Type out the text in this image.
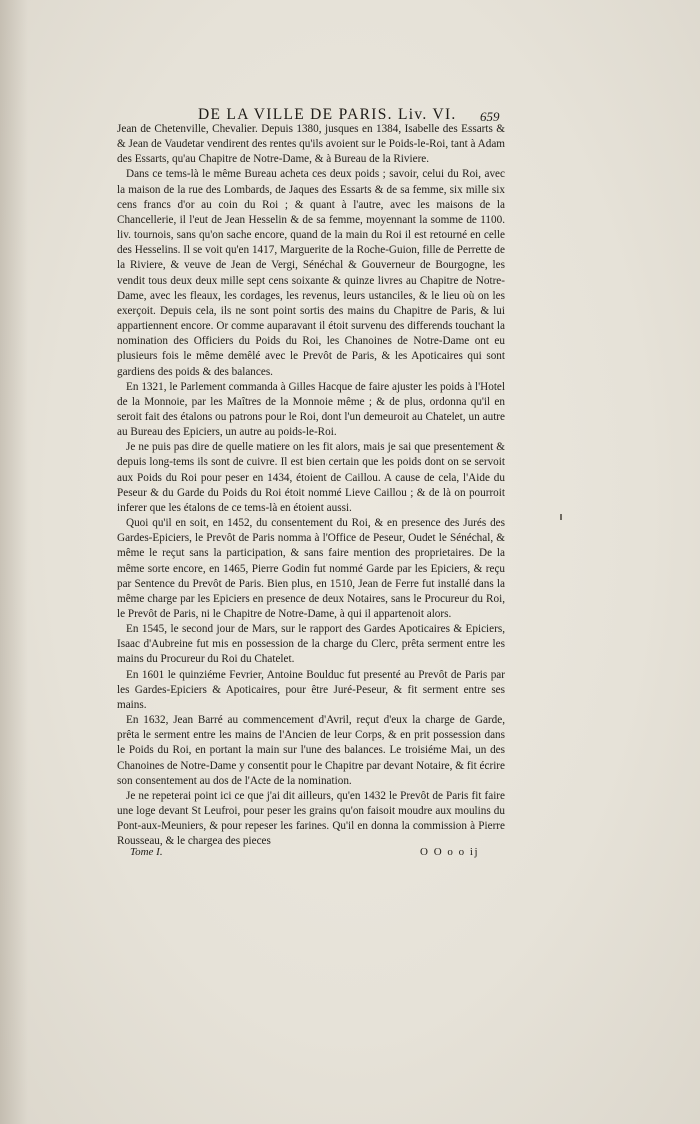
DE LA VILLE DE PARIS. Liv. VI.	659

Jean de Chetenville, Chevalier. Depuis 1380, jusques en 1384, Isabelle des Essarts & & Jean de Vaudetar vendirent des rentes qu'ils avoient sur le Poids-le-Roi, tant à Adam des Essarts, qu'au Chapitre de Notre-Dame, & à Bureau de la Riviere.

Dans ce tems-là le même Bureau acheta ces deux poids ; savoir, celui du Roi, avec la maison de la rue des Lombards, de Jaques des Essarts & de sa femme, six mille six cens francs d'or au coin du Roi ; & quant à l'autre, avec les maisons de la Chancellerie, il l'eut de Jean Hesselin & de sa femme, moyennant la somme de 1100. liv. tournois, sans qu'on sache encore, quand de la main du Roi il est retourné en celle des Hesselins. Il se voit qu'en 1417, Marguerite de la Roche-Guion, fille de Perrette de la Riviere, & veuve de Jean de Vergi, Sénéchal & Gouverneur de Bourgogne, les vendit tous deux deux mille sept cens soixante & quinze livres au Chapitre de Notre-Dame, avec les fleaux, les cordages, les revenus, leurs ustanciles, & le lieu où on les exerçoit. Depuis cela, ils ne sont point sortis des mains du Chapitre de Paris, & lui appartiennent encore. Or comme auparavant il étoit survenu des differends touchant la nomination des Officiers du Poids du Roi, les Chanoines de Notre-Dame ont eu plusieurs fois le même demêlé avec le Prevôt de Paris, & les Apoticaires qui sont gardiens des poids & des balances.

En 1321, le Parlement commanda à Gilles Hacque de faire ajuster les poids à l'Hotel de la Monnoie, par les Maîtres de la Monnoie même ; & de plus, ordonna qu'il en seroit fait des étalons ou patrons pour le Roi, dont l'un demeuroit au Chatelet, un autre au Bureau des Epiciers, un autre au poids-le-Roi.

Je ne puis pas dire de quelle matiere on les fit alors, mais je sai que presentement & depuis long-tems ils sont de cuivre. Il est bien certain que les poids dont on se servoit aux Poids du Roi pour peser en 1434, étoient de Caillou. A cause de cela, l'Aide du Peseur & du Garde du Poids du Roi étoit nommé Lieve Caillou ; & de là on pourroit inferer que les étalons de ce tems-là en étoient aussi.

Quoi qu'il en soit, en 1452, du consentement du Roi, & en presence des Jurés des Gardes-Epiciers, le Prevôt de Paris nomma à l'Office de Peseur, Oudet le Sénéchal, & même le reçut sans la participation, & sans faire mention des proprietaires. De la même sorte encore, en 1465, Pierre Godin fut nommé Garde par les Epiciers, & reçu par Sentence du Prevôt de Paris. Bien plus, en 1510, Jean de Ferre fut installé dans la même charge par les Epiciers en presence de deux Notaires, sans le Procureur du Roi, le Prevôt de Paris, ni le Chapitre de Notre-Dame, à qui il appartenoit alors.

En 1545, le second jour de Mars, sur le rapport des Gardes Apoticaires & Epiciers, Isaac d'Aubreine fut mis en possession de la charge du Clerc, prêta serment entre les mains du Procureur du Roi du Chatelet.

En 1601 le quinziéme Fevrier, Antoine Boulduc fut presenté au Prevôt de Paris par les Gardes-Epiciers & Apoticaires, pour être Juré-Peseur, & fit serment entre ses mains.

En 1632, Jean Barré au commencement d'Avril, reçut d'eux la charge de Garde, prêta le serment entre les mains de l'Ancien de leur Corps, & en prit possession dans le Poids du Roi, en portant la main sur l'une des balances. Le troisiéme Mai, un des Chanoines de Notre-Dame y consentit pour le Chapitre par devant Notaire, & fit écrire son consentement au dos de l'Acte de la nomination.

Je ne repeterai point ici ce que j'ai dit ailleurs, qu'en 1432 le Prevôt de Paris fit faire une loge devant St Leufroi, pour peser les grains qu'on faisoit moudre aux moulins du Pont-aux-Meuniers, & pour repeser les farines. Qu'il en donna la commission à Pierre Rousseau, & le chargea des pieces

Tome I.	O O o o ij
